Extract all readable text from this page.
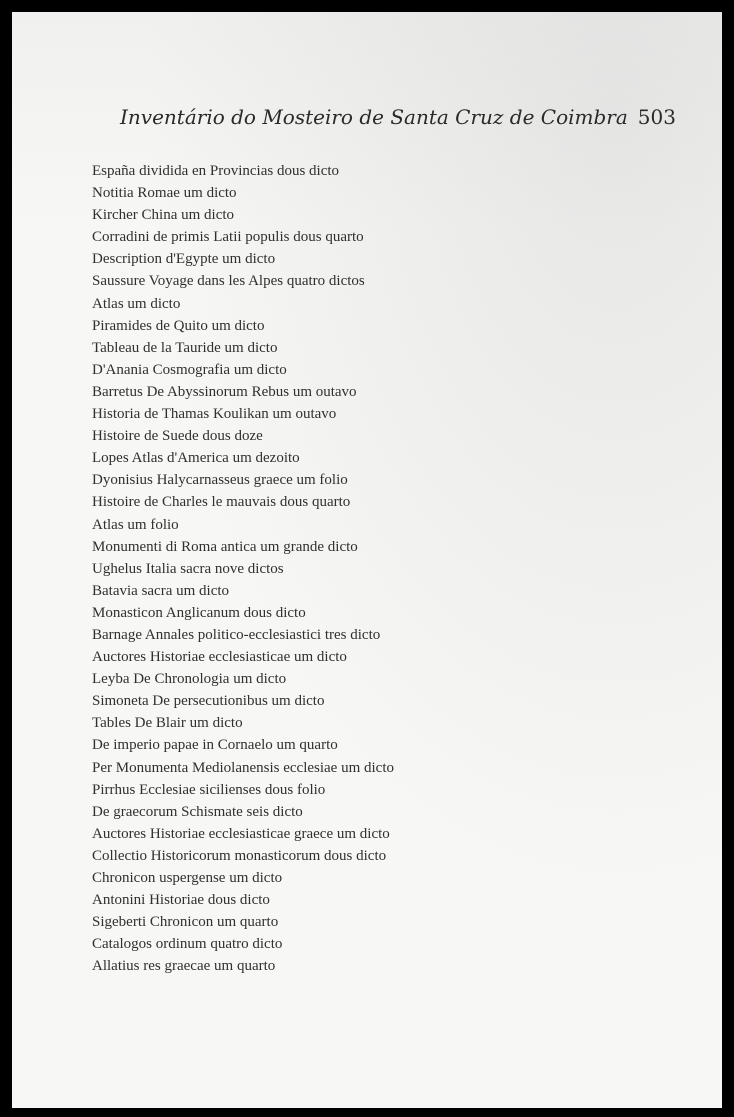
Inventário do Mosteiro de Santa Cruz de Coimbra 503
España dividida en Provincias dous dicto
Notitia Romae um dicto
Kircher China um dicto
Corradini de primis Latii populis dous quarto
Description d'Egypte um dicto
Saussure Voyage dans les Alpes quatro dictos
Atlas um dicto
Piramides de Quito um dicto
Tableau de la Tauride um dicto
D'Anania Cosmografia um dicto
Barretus De Abyssinorum Rebus um outavo
Historia de Thamas Koulikan um outavo
Histoire de Suede dous doze
Lopes Atlas d'America um dezoito
Dyonisius Halycarnasseus graece um folio
Histoire de Charles le mauvais dous quarto
Atlas um folio
Monumenti di Roma antica um grande dicto
Ughelus Italia sacra nove dictos
Batavia sacra um dicto
Monasticon Anglicanum dous dicto
Barnage Annales politico-ecclesiastici tres dicto
Auctores Historiae ecclesiasticae um dicto
Leyba De Chronologia um dicto
Simoneta De persecutionibus um dicto
Tables De Blair um dicto
De imperio papae in Cornaelo um quarto
Per Monumenta Mediolanensis ecclesiae um dicto
Pirrhus Ecclesiae sicilienses dous folio
De graecorum Schismate seis dicto
Auctores Historiae ecclesiasticae graece um dicto
Collectio Historicorum monasticorum dous dicto
Chronicon uspergense um dicto
Antonini Historiae dous dicto
Sigeberti Chronicon um quarto
Catalogos ordinum quatro dicto
Allatius res graecae um quarto
